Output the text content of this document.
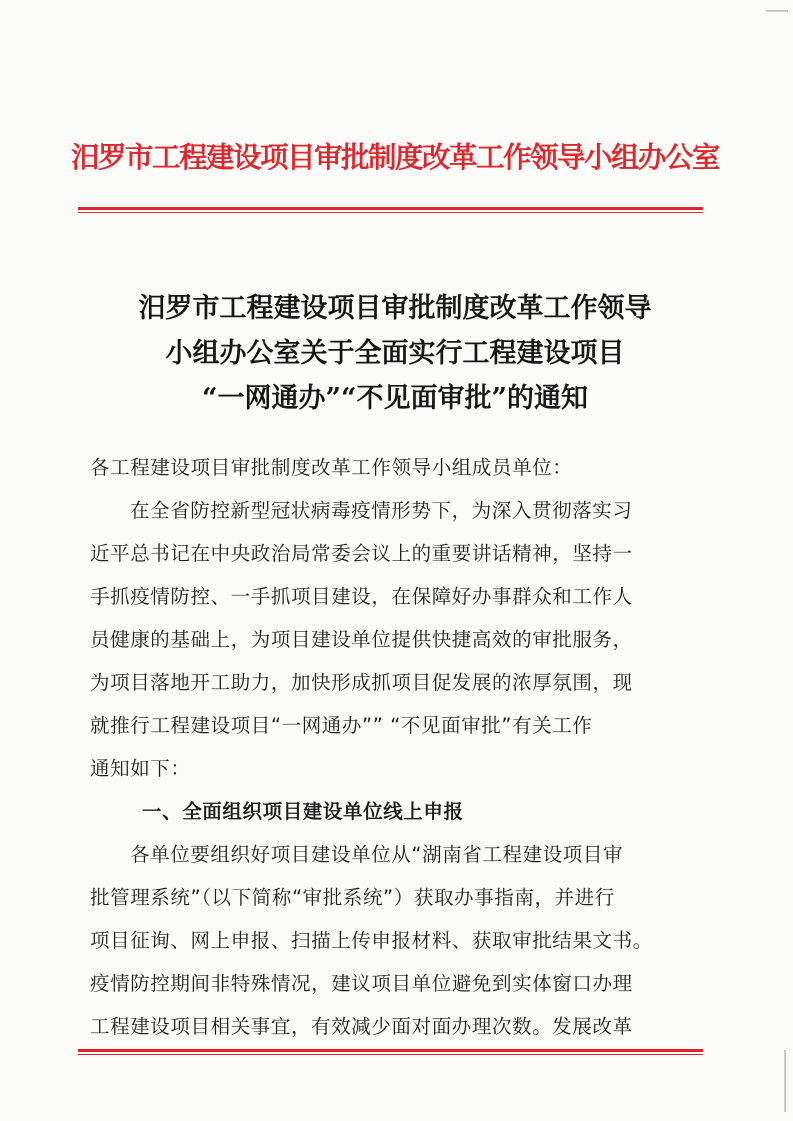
汨罗市工程建设项目审批制度改革工作领导小组办公室
汨罗市工程建设项目审批制度改革工作领导
小组办公室关于全面实行工程建设项目
“一网通办”“不见面审批”的通知
各工程建设项目审批制度改革工作领导小组成员单位：
在全省防控新型冠状病毒疫情形势下，为深入贯彻落实习
近平总书记在中央政治局常委会议上的重要讲话精神，坚持一
手抓疫情防控、一手抓项目建设，在保障好办事群众和工作人
员健康的基础上，为项目建设单位提供快捷高效的审批服务，
为项目落地开工助力，加快形成抓项目促发展的浓厚氛围，现
就推行工程建设项目“一网通办”” “不见面审批”有关工作
通知如下：
一、全面组织项目建设单位线上申报
各单位要组织好项目建设单位从“湖南省工程建设项目审
批管理系统”（以下简称“审批系统”）获取办事指南，并进行
项目征询、网上申报、扫描上传申报材料、获取审批结果文书。
疫情防控期间非特殊情况，建议项目单位避免到实体窗口办理
工程建设项目相关事宜，有效减少面对面办理次数。发展改革
